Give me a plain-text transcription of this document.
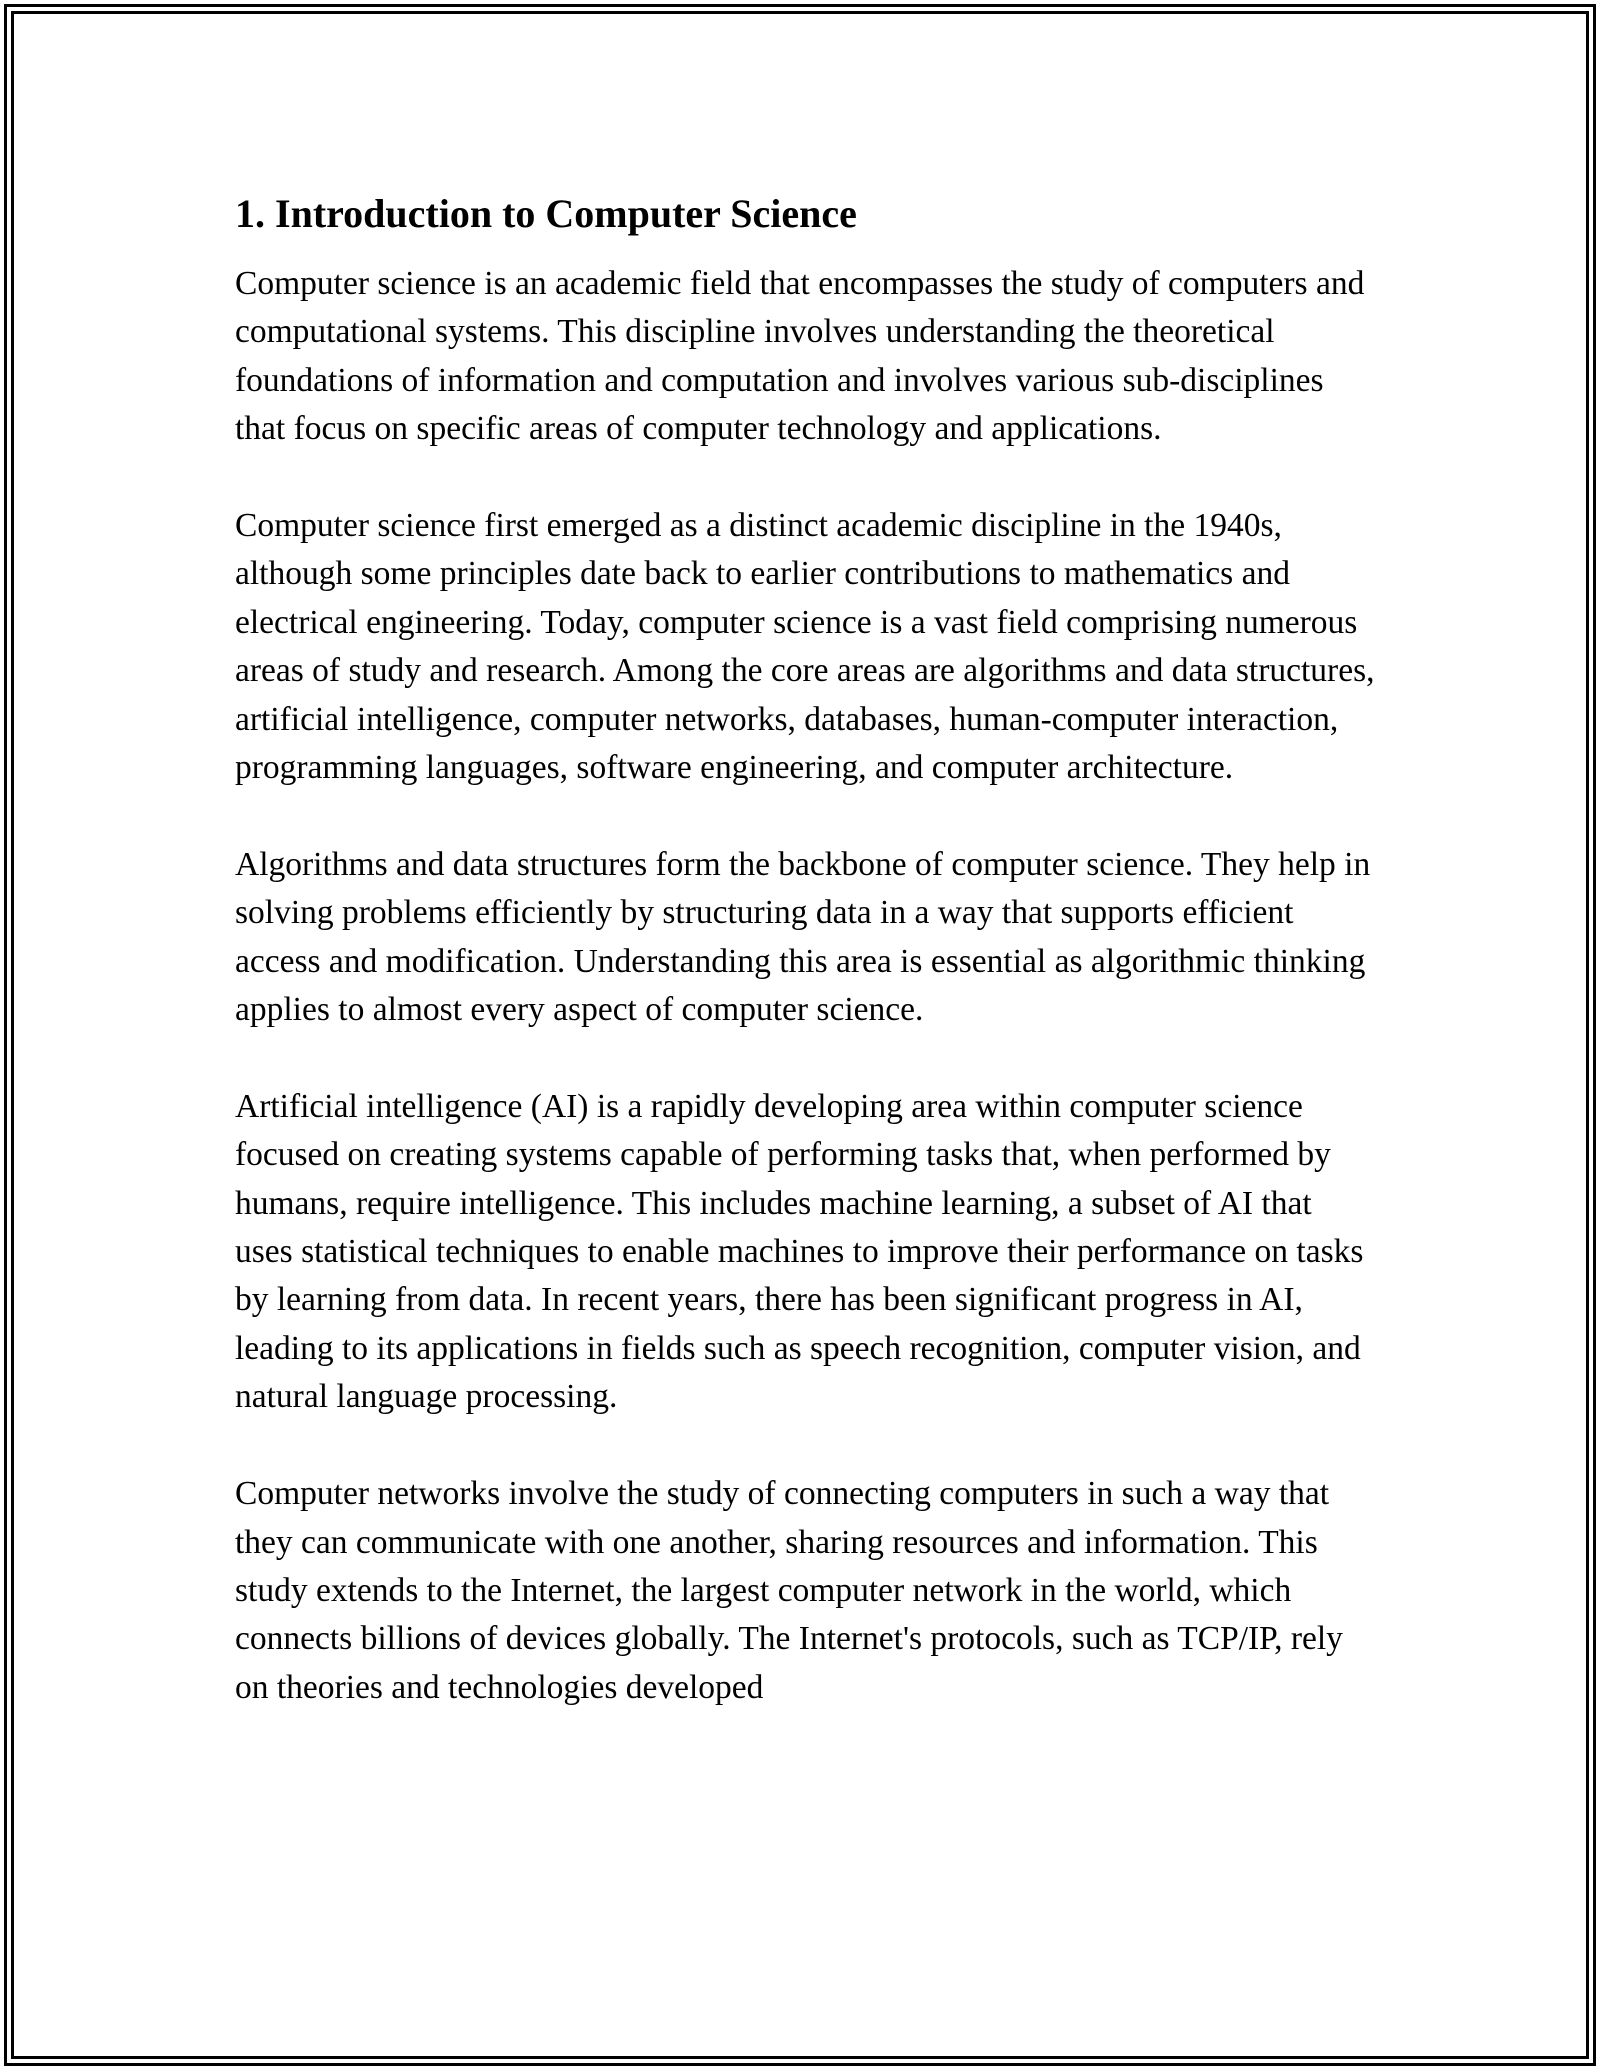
1. Introduction to Computer Science

Computer science is an academic field that encompasses the study of computers and computational systems. This discipline involves understanding the theoretical foundations of information and computation and involves various sub-disciplines that focus on specific areas of computer technology and applications.

Computer science first emerged as a distinct academic discipline in the 1940s, although some principles date back to earlier contributions to mathematics and electrical engineering. Today, computer science is a vast field comprising numerous areas of study and research. Among the core areas are algorithms and data structures, artificial intelligence, computer networks, databases, human-computer interaction, programming languages, software engineering, and computer architecture.

Algorithms and data structures form the backbone of computer science. They help in solving problems efficiently by structuring data in a way that supports efficient access and modification. Understanding this area is essential as algorithmic thinking applies to almost every aspect of computer science.

Artificial intelligence (AI) is a rapidly developing area within computer science focused on creating systems capable of performing tasks that, when performed by humans, require intelligence. This includes machine learning, a subset of AI that uses statistical techniques to enable machines to improve their performance on tasks by learning from data. In recent years, there has been significant progress in AI, leading to its applications in fields such as speech recognition, computer vision, and natural language processing.

Computer networks involve the study of connecting computers in such a way that they can communicate with one another, sharing resources and information. This study extends to the Internet, the largest computer network in the world, which connects billions of devices globally. The Internet's protocols, such as TCP/IP, rely on theories and technologies developed
